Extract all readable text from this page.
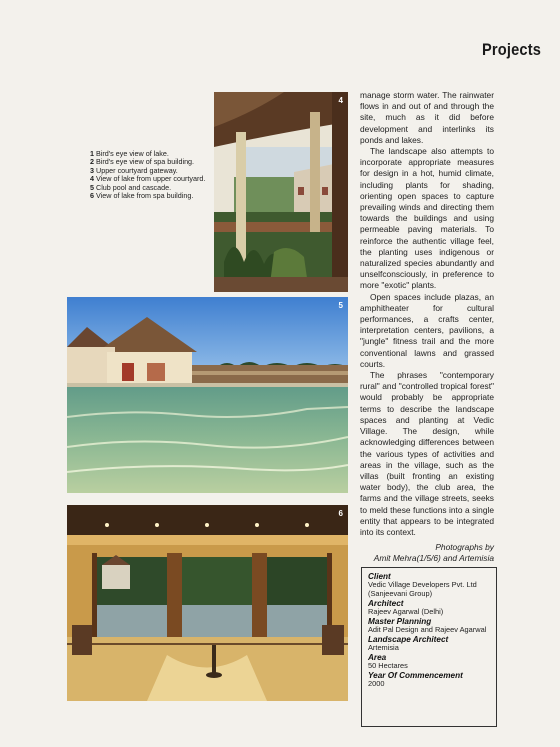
Projects
4
5
6
1 Bird's eye view of lake.
2 Bird's eye view of spa building.
3 Upper courtyard gateway.
4 View of lake from upper courtyard.
5 Club pool and cascade.
6 View of lake from spa building.

manage storm water. The rainwater flows in and out of and through the site, much as it did before development and interlinks its ponds and lakes.

The landscape also attempts to incorporate appropriate measures for design in a hot, humid climate, including plants for shading, orienting open spaces to capture prevailing winds and directing them towards the buildings and using permeable paving materials. To reinforce the authentic village feel, the planting uses indigenous or naturalized species abundantly and unselfconsciously, in preference to more "exotic" plants.

Open spaces include plazas, an amphitheater for cultural performances, a crafts center, interpretation centers, pavilions, a "jungle" fitness trail and the more conventional lawns and grassed courts.

The phrases "contemporary rural" and "controlled tropical forest" would probably be appropriate terms to describe the landscape spaces and planting at Vedic Village. The design, while acknowledging differences between the various types of activities and areas in the village, such as the villas (built fronting an existing water body), the club area, the farms and the village streets, seeks to meld these functions into a single entity that appears to be integrated into its context.

Photographs by
Amit Mehra(1/5/6) and Artemisia
Client
Vedic Village Developers Pvt. Ltd (Sanjeevani Group)
Architect
Rajeev Agarwal (Delhi)
Master Planning
Adit Pal Design and Rajeev Agarwal
Landscape Architect
Artemisia
Area
50 Hectares
Year Of Commencement
2000
